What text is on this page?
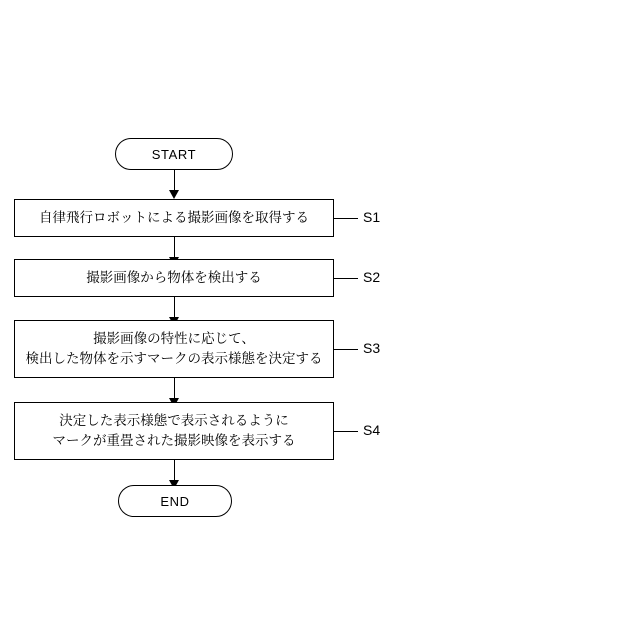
START
自律飛行ロボットによる撮影画像を取得する	S1
撮影画像から物体を検出する	S2
撮影画像の特性に応じて、
検出した物体を示すマークの表示様態を決定する
S3
決定した表示様態で表示されるように
マークが重畳された撮影映像を表示する
S4
END
